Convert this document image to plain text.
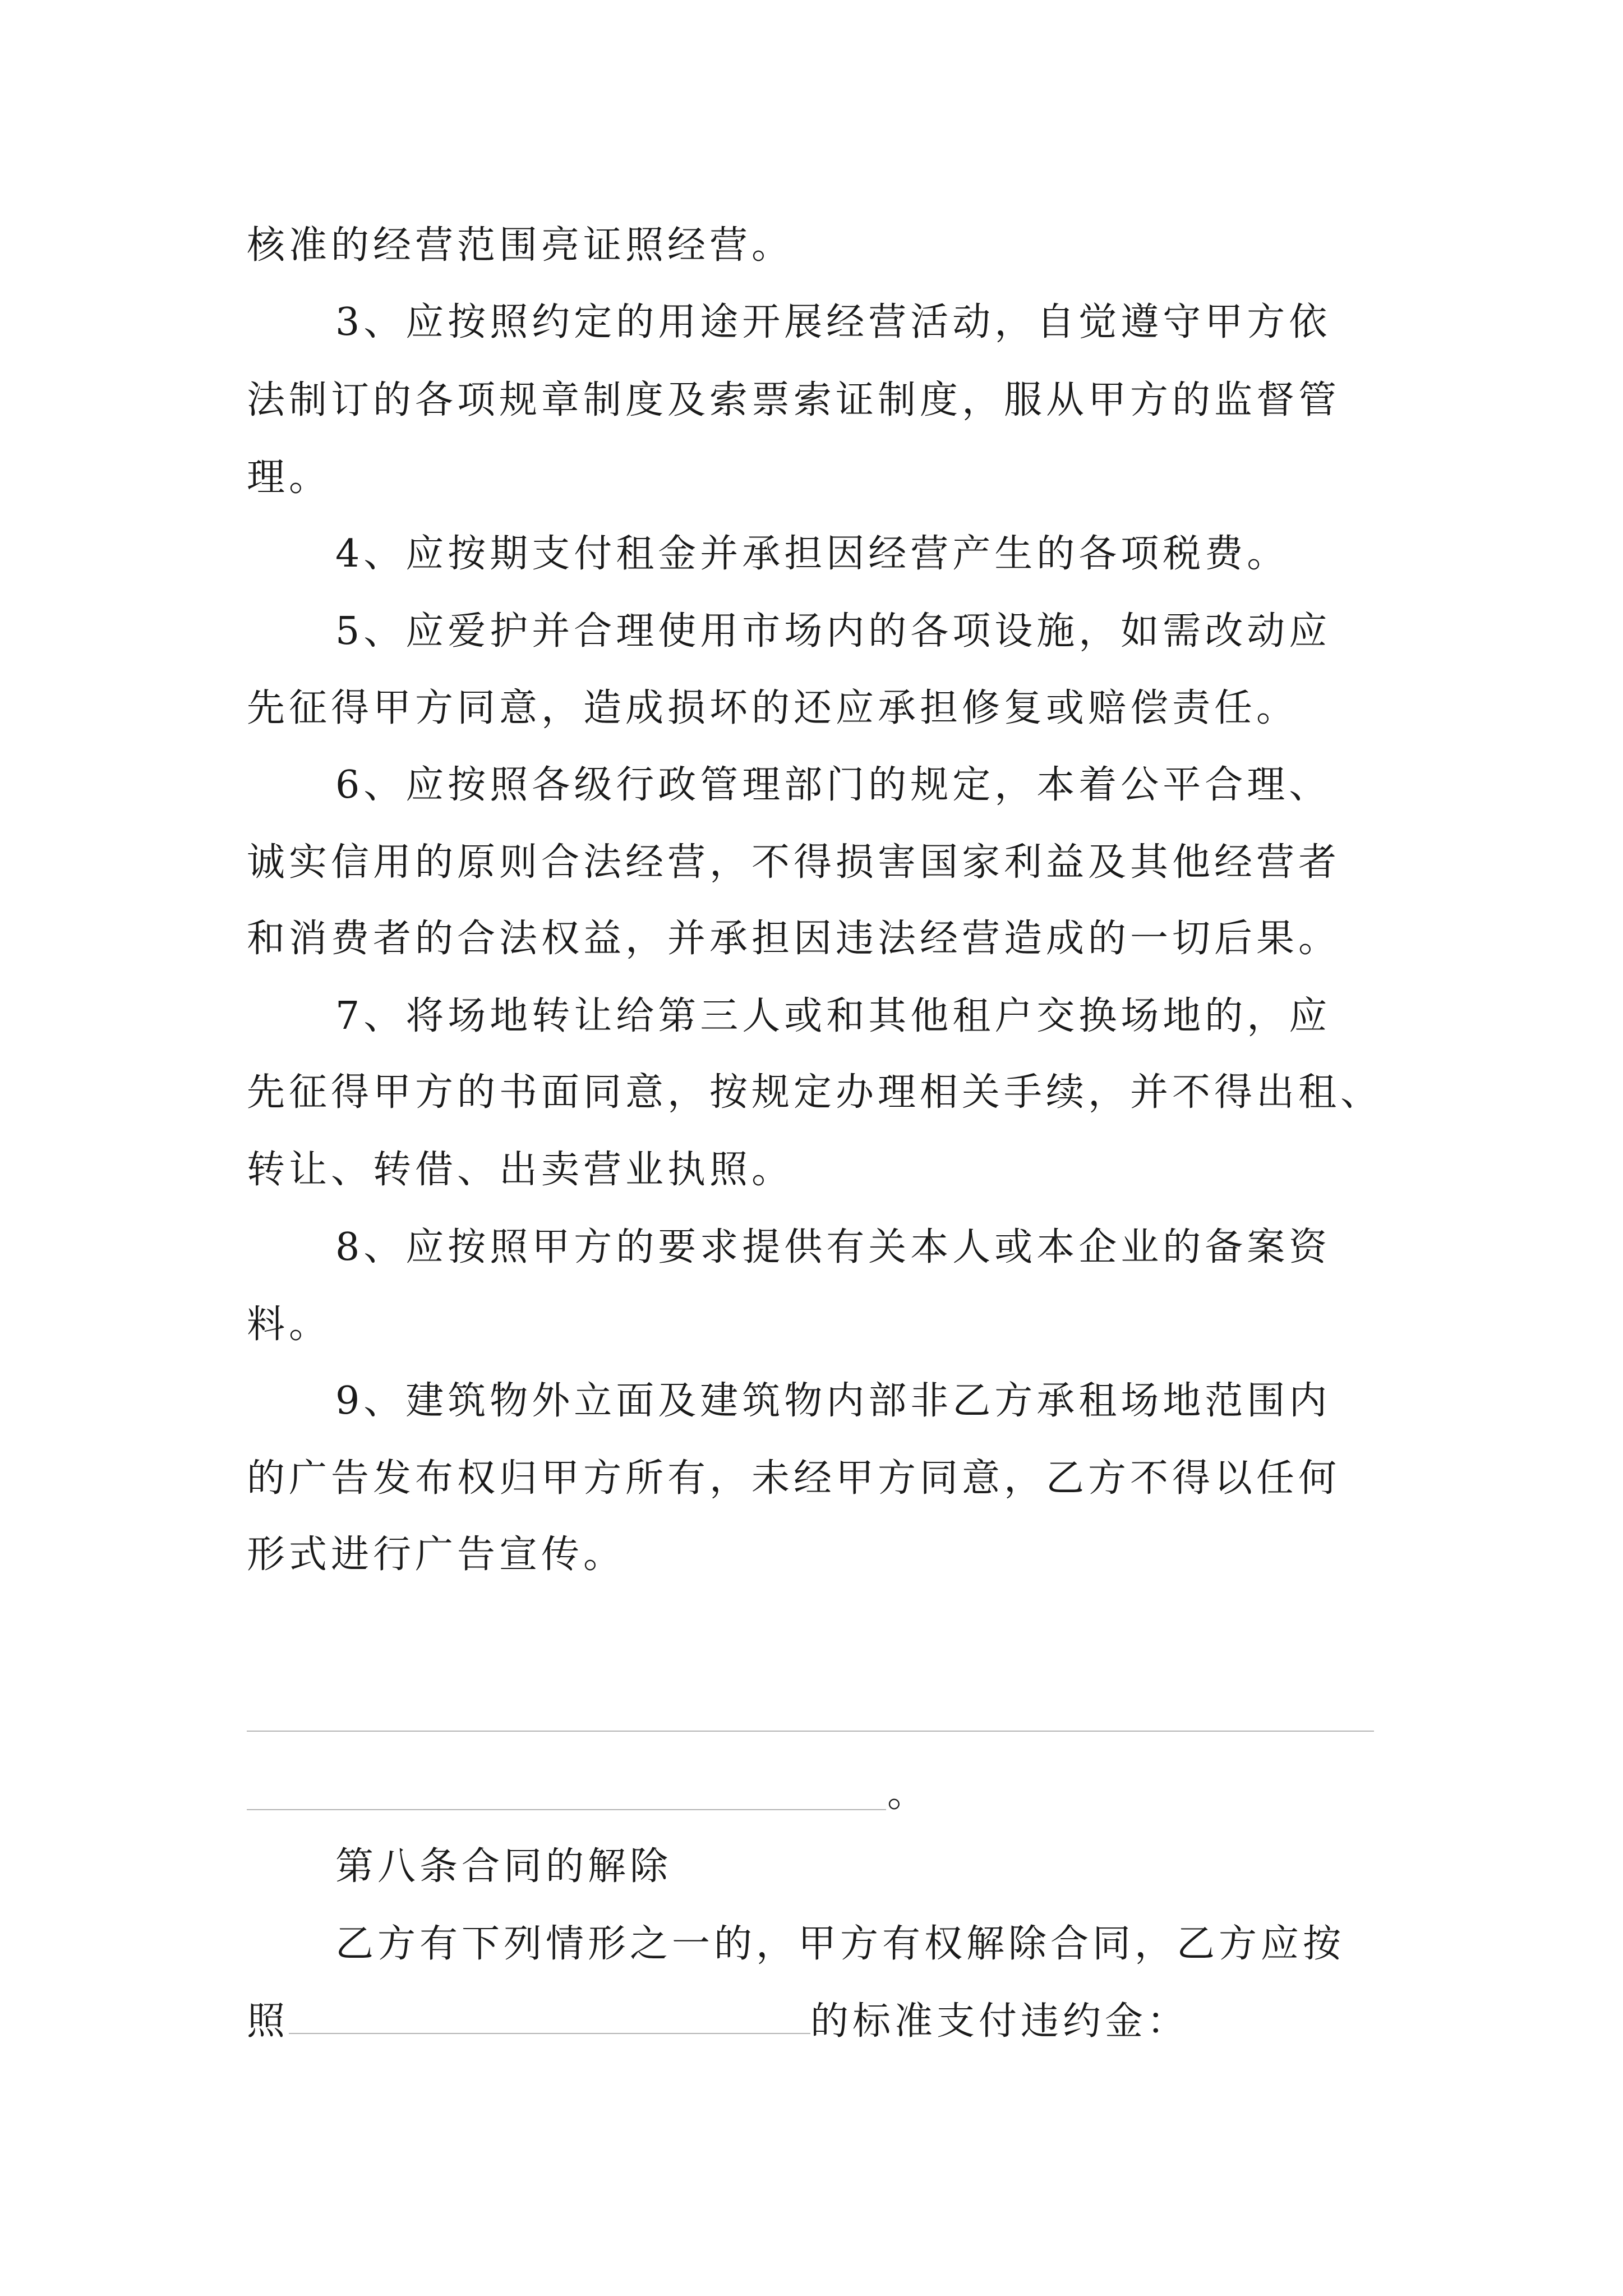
核准的经营范围亮证照经营。
3、应按照约定的用途开展经营活动，自觉遵守甲方依
法制订的各项规章制度及索票索证制度，服从甲方的监督管
理。
4、应按期支付租金并承担因经营产生的各项税费。
5、应爱护并合理使用市场内的各项设施，如需改动应
先征得甲方同意，造成损坏的还应承担修复或赔偿责任。
6、应按照各级行政管理部门的规定，本着公平合理、
诚实信用的原则合法经营，不得损害国家利益及其他经营者
和消费者的合法权益，并承担因违法经营造成的一切后果。
7、将场地转让给第三人或和其他租户交换场地的，应
先征得甲方的书面同意，按规定办理相关手续，并不得出租、
转让、转借、出卖营业执照。
8、应按照甲方的要求提供有关本人或本企业的备案资
料。
9、建筑物外立面及建筑物内部非乙方承租场地范围内
的广告发布权归甲方所有，未经甲方同意，乙方不得以任何
形式进行广告宣传。
。
第八条合同的解除
乙方有下列情形之一的，甲方有权解除合同，乙方应按
照	的标准支付违约金：
